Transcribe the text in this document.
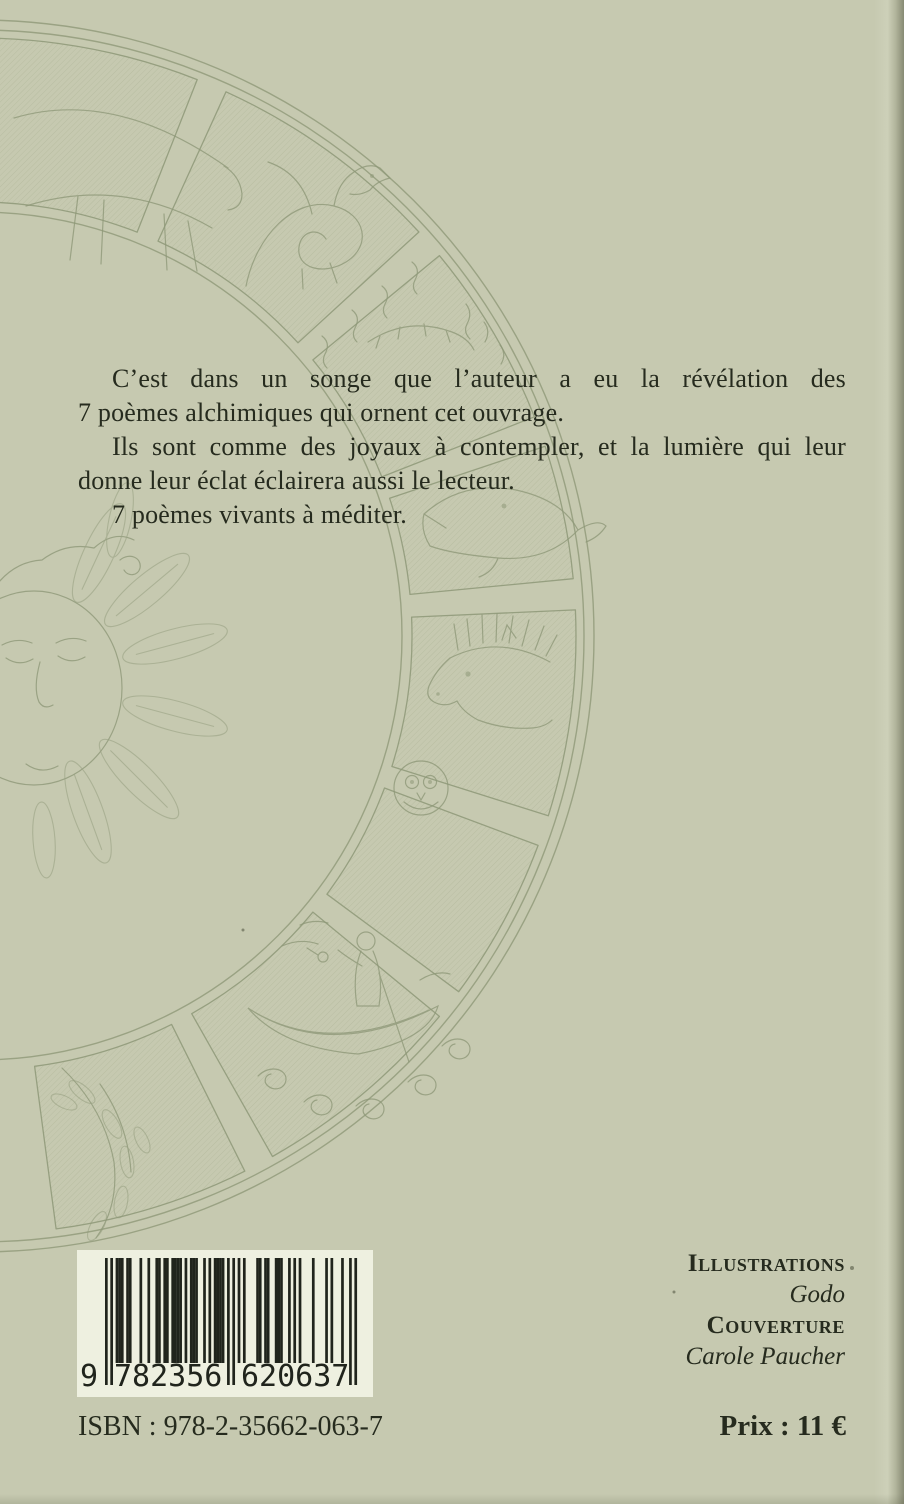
C’est dans un songe que l’auteur a eu la révélation des
7 poèmes alchimiques qui ornent cet ouvrage.
Ils sont comme des joyaux à contempler, et la lumière qui leur
donne leur éclat éclairera aussi le lecteur.
7 poèmes vivants à méditer.
Illustrations
Godo
Couverture
Carole Paucher
9 782356 620637
ISBN : 978-2-35662-063-7	Prix : 11 €
